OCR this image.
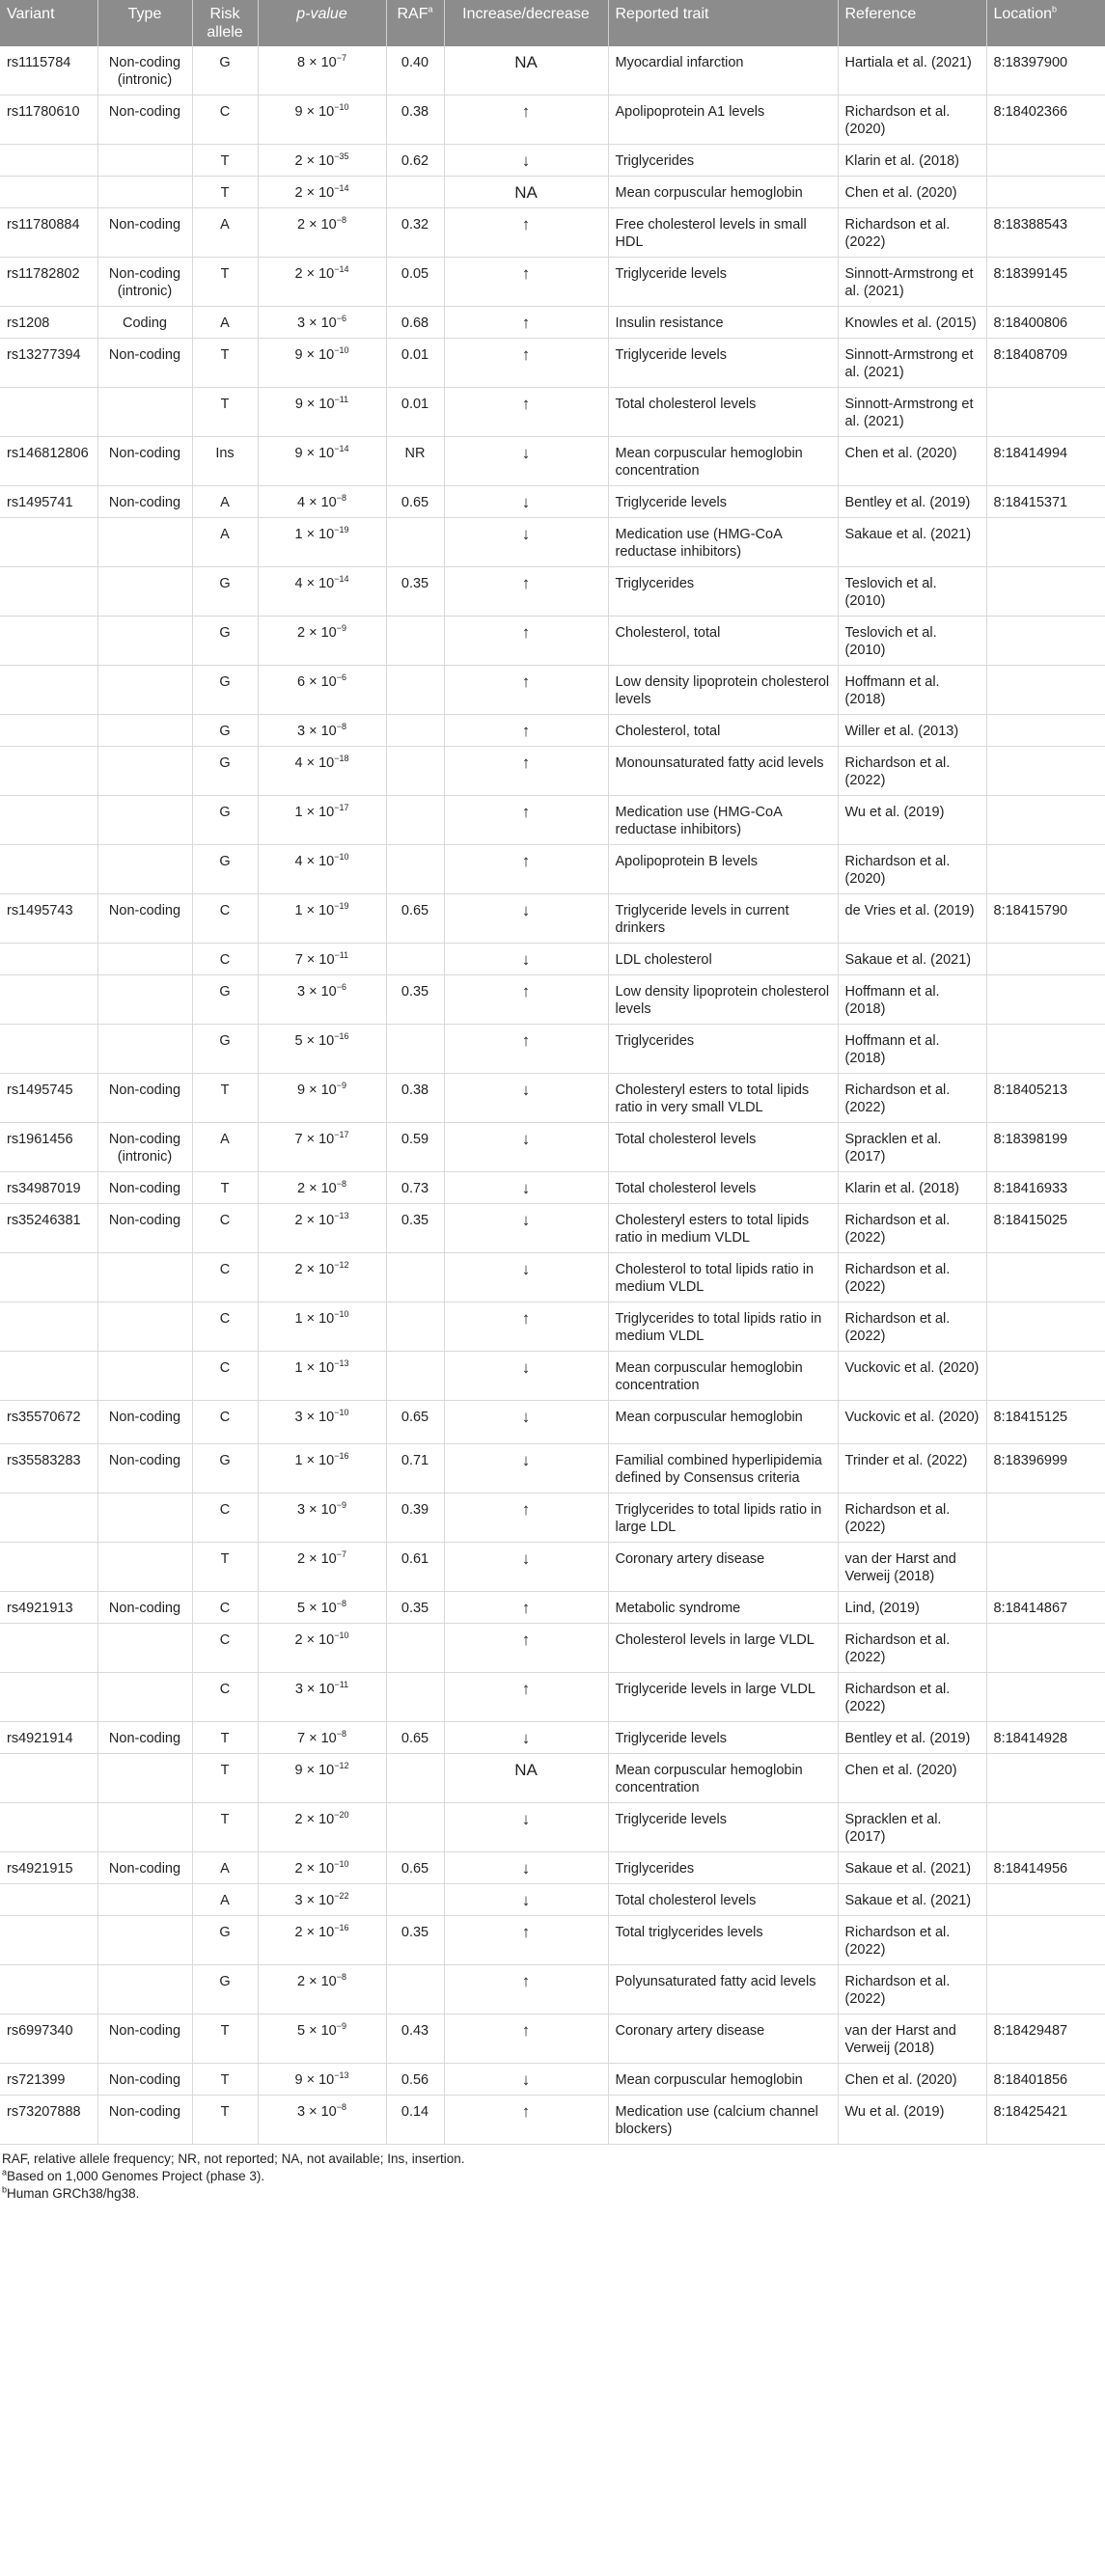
Variant	Type	Risk allele	p-value	RAF$^a$	Increase/decrease	Reported trait	Reference	Location$^b$
rs1115784	Non-coding (intronic)	G	$8 \times 10^{-7}$	0.40	NA	Myocardial infarction	Hartiala et al. (2021)	8:18397900
rs11780610	Non-coding	C	$9 \times 10^{-10}$	0.38	↑	Apolipoprotein A1 levels	Richardson et al. (2020)	8:18402366
		T	$2 \times 10^{-35}$	0.62	↓	Triglycerides	Klarin et al. (2018)	
		T	$2 \times 10^{-14}$		NA	Mean corpuscular hemoglobin	Chen et al. (2020)	
rs11780884	Non-coding	A	$2 \times 10^{-8}$	0.32	↑	Free cholesterol levels in small HDL	Richardson et al. (2022)	8:18388543
rs11782802	Non-coding (intronic)	T	$2 \times 10^{-14}$	0.05	↑	Triglyceride levels	Sinnott-Armstrong et al. (2021)	8:18399145
rs1208	Coding	A	$3 \times 10^{-6}$	0.68	↑	Insulin resistance	Knowles et al. (2015)	8:18400806
rs13277394	Non-coding	T	$9 \times 10^{-10}$	0.01	↑	Triglyceride levels	Sinnott-Armstrong et al. (2021)	8:18408709
		T	$9 \times 10^{-11}$	0.01	↑	Total cholesterol levels	Sinnott-Armstrong et al. (2021)	
rs146812806	Non-coding	Ins	$9 \times 10^{-14}$	NR	↓	Mean corpuscular hemoglobin concentration	Chen et al. (2020)	8:18414994
rs1495741	Non-coding	A	$4 \times 10^{-8}$	0.65	↓	Triglyceride levels	Bentley et al. (2019)	8:18415371
		A	$1 \times 10^{-19}$		↓	Medication use (HMG-CoA reductase inhibitors)	Sakaue et al. (2021)	
		G	$4 \times 10^{-14}$	0.35	↑	Triglycerides	Teslovich et al. (2010)	
		G	$2 \times 10^{-9}$		↑	Cholesterol, total	Teslovich et al. (2010)	
		G	$6 \times 10^{-6}$		↑	Low density lipoprotein cholesterol levels	Hoffmann et al. (2018)	
		G	$3 \times 10^{-8}$		↑	Cholesterol, total	Willer et al. (2013)	
		G	$4 \times 10^{-18}$		↑	Monounsaturated fatty acid levels	Richardson et al. (2022)	
		G	$1 \times 10^{-17}$		↑	Medication use (HMG-CoA reductase inhibitors)	Wu et al. (2019)	
		G	$4 \times 10^{-10}$		↑	Apolipoprotein B levels	Richardson et al. (2020)	
rs1495743	Non-coding	C	$1 \times 10^{-19}$	0.65	↓	Triglyceride levels in current drinkers	de Vries et al. (2019)	8:18415790
		C	$7 \times 10^{-11}$		↓	LDL cholesterol	Sakaue et al. (2021)	
		G	$3 \times 10^{-6}$	0.35	↑	Low density lipoprotein cholesterol levels	Hoffmann et al. (2018)	
		G	$5 \times 10^{-16}$		↑	Triglycerides	Hoffmann et al. (2018)	
rs1495745	Non-coding	T	$9 \times 10^{-9}$	0.38	↓	Cholesteryl esters to total lipids ratio in very small VLDL	Richardson et al. (2022)	8:18405213
rs1961456	Non-coding (intronic)	A	$7 \times 10^{-17}$	0.59	↓	Total cholesterol levels	Spracklen et al. (2017)	8:18398199
rs34987019	Non-coding	T	$2 \times 10^{-8}$	0.73	↓	Total cholesterol levels	Klarin et al. (2018)	8:18416933
rs35246381	Non-coding	C	$2 \times 10^{-13}$	0.35	↓	Cholesteryl esters to total lipids ratio in medium VLDL	Richardson et al. (2022)	8:18415025
		C	$2 \times 10^{-12}$		↓	Cholesterol to total lipids ratio in medium VLDL	Richardson et al. (2022)	
		C	$1 \times 10^{-10}$		↑	Triglycerides to total lipids ratio in medium VLDL	Richardson et al. (2022)	
		C	$1 \times 10^{-13}$		↓	Mean corpuscular hemoglobin concentration	Vuckovic et al. (2020)	
rs35570672	Non-coding	C	$3 \times 10^{-10}$	0.65	↓	Mean corpuscular hemoglobin	Vuckovic et al. (2020)	8:18415125
rs35583283	Non-coding	G	$1 \times 10^{-16}$	0.71	↓	Familial combined hyperlipidemia defined by Consensus criteria	Trinder et al. (2022)	8:18396999
		C	$3 \times 10^{-9}$	0.39	↑	Triglycerides to total lipids ratio in large LDL	Richardson et al. (2022)	
		T	$2 \times 10^{-7}$	0.61	↓	Coronary artery disease	van der Harst and Verweij (2018)	
rs4921913	Non-coding	C	$5 \times 10^{-8}$	0.35	↑	Metabolic syndrome	Lind, (2019)	8:18414867
		C	$2 \times 10^{-10}$		↑	Cholesterol levels in large VLDL	Richardson et al. (2022)	
		C	$3 \times 10^{-11}$		↑	Triglyceride levels in large VLDL	Richardson et al. (2022)	
rs4921914	Non-coding	T	$7 \times 10^{-8}$	0.65	↓	Triglyceride levels	Bentley et al. (2019)	8:18414928
		T	$9 \times 10^{-12}$		NA	Mean corpuscular hemoglobin concentration	Chen et al. (2020)	
		T	$2 \times 10^{-20}$		↓	Triglyceride levels	Spracklen et al. (2017)	
rs4921915	Non-coding	A	$2 \times 10^{-10}$	0.65	↓	Triglycerides	Sakaue et al. (2021)	8:18414956
		A	$3 \times 10^{-22}$		↓	Total cholesterol levels	Sakaue et al. (2021)	
		G	$2 \times 10^{-16}$	0.35	↑	Total triglycerides levels	Richardson et al. (2022)	
		G	$2 \times 10^{-8}$		↑	Polyunsaturated fatty acid levels	Richardson et al. (2022)	
rs6997340	Non-coding	T	$5 \times 10^{-9}$	0.43	↑	Coronary artery disease	van der Harst and Verweij (2018)	8:18429487
rs721399	Non-coding	T	$9 \times 10^{-13}$	0.56	↓	Mean corpuscular hemoglobin	Chen et al. (2020)	8:18401856
rs73207888	Non-coding	T	$3 \times 10^{-8}$	0.14	↑	Medication use (calcium channel blockers)	Wu et al. (2019)	8:18425421
RAF, relative allele frequency; NR, not reported; NA, not available; Ins, insertion.
$^a$Based on 1,000 Genomes Project (phase 3).
$^b$Human GRCh38/hg38.
